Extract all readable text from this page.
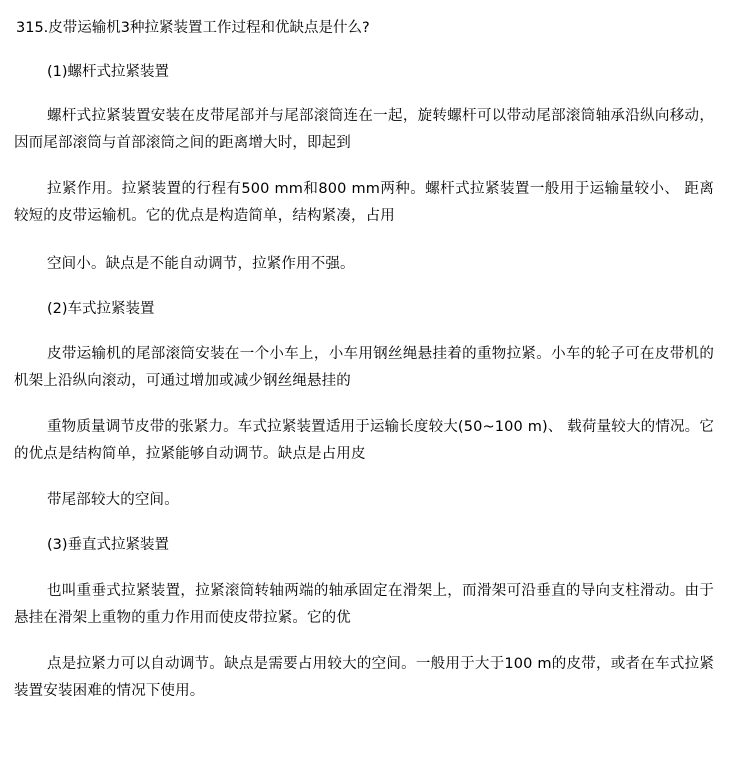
315.皮带运输机3种拉紧装置工作过程和优缺点是什么?
(1)螺杆式拉紧装置
螺杆式拉紧装置安装在皮带尾部并与尾部滚筒连在一起，旋转螺杆可以带动尾部滚筒轴承沿纵向移动，因而尾部滚筒与首部滚筒之间的距离增大时，即起到
拉紧作用。拉紧装置的行程有500 mm和800 mm两种。螺杆式拉紧装置一般用于运输量较小、 距离较短的皮带运输机。它的优点是构造简单，结构紧凑，占用
空间小。缺点是不能自动调节，拉紧作用不强。
(2)车式拉紧装置
皮带运输机的尾部滚筒安装在一个小车上，小车用钢丝绳悬挂着的重物拉紧。小车的轮子可在皮带机的机架上沿纵向滚动，可通过增加或减少钢丝绳悬挂的
重物质量调节皮带的张紧力。车式拉紧装置适用于运输长度较大(50~100 m)、 载荷量较大的情况。它的优点是结构简单，拉紧能够自动调节。缺点是占用皮
带尾部较大的空间。
(3)垂直式拉紧装置
也叫重垂式拉紧装置，拉紧滚筒转轴两端的轴承固定在滑架上，而滑架可沿垂直的导向支柱滑动。由于悬挂在滑架上重物的重力作用而使皮带拉紧。它的优
点是拉紧力可以自动调节。缺点是需要占用较大的空间。一般用于大于100 m的皮带，或者在车式拉紧装置安装困难的情况下使用。
